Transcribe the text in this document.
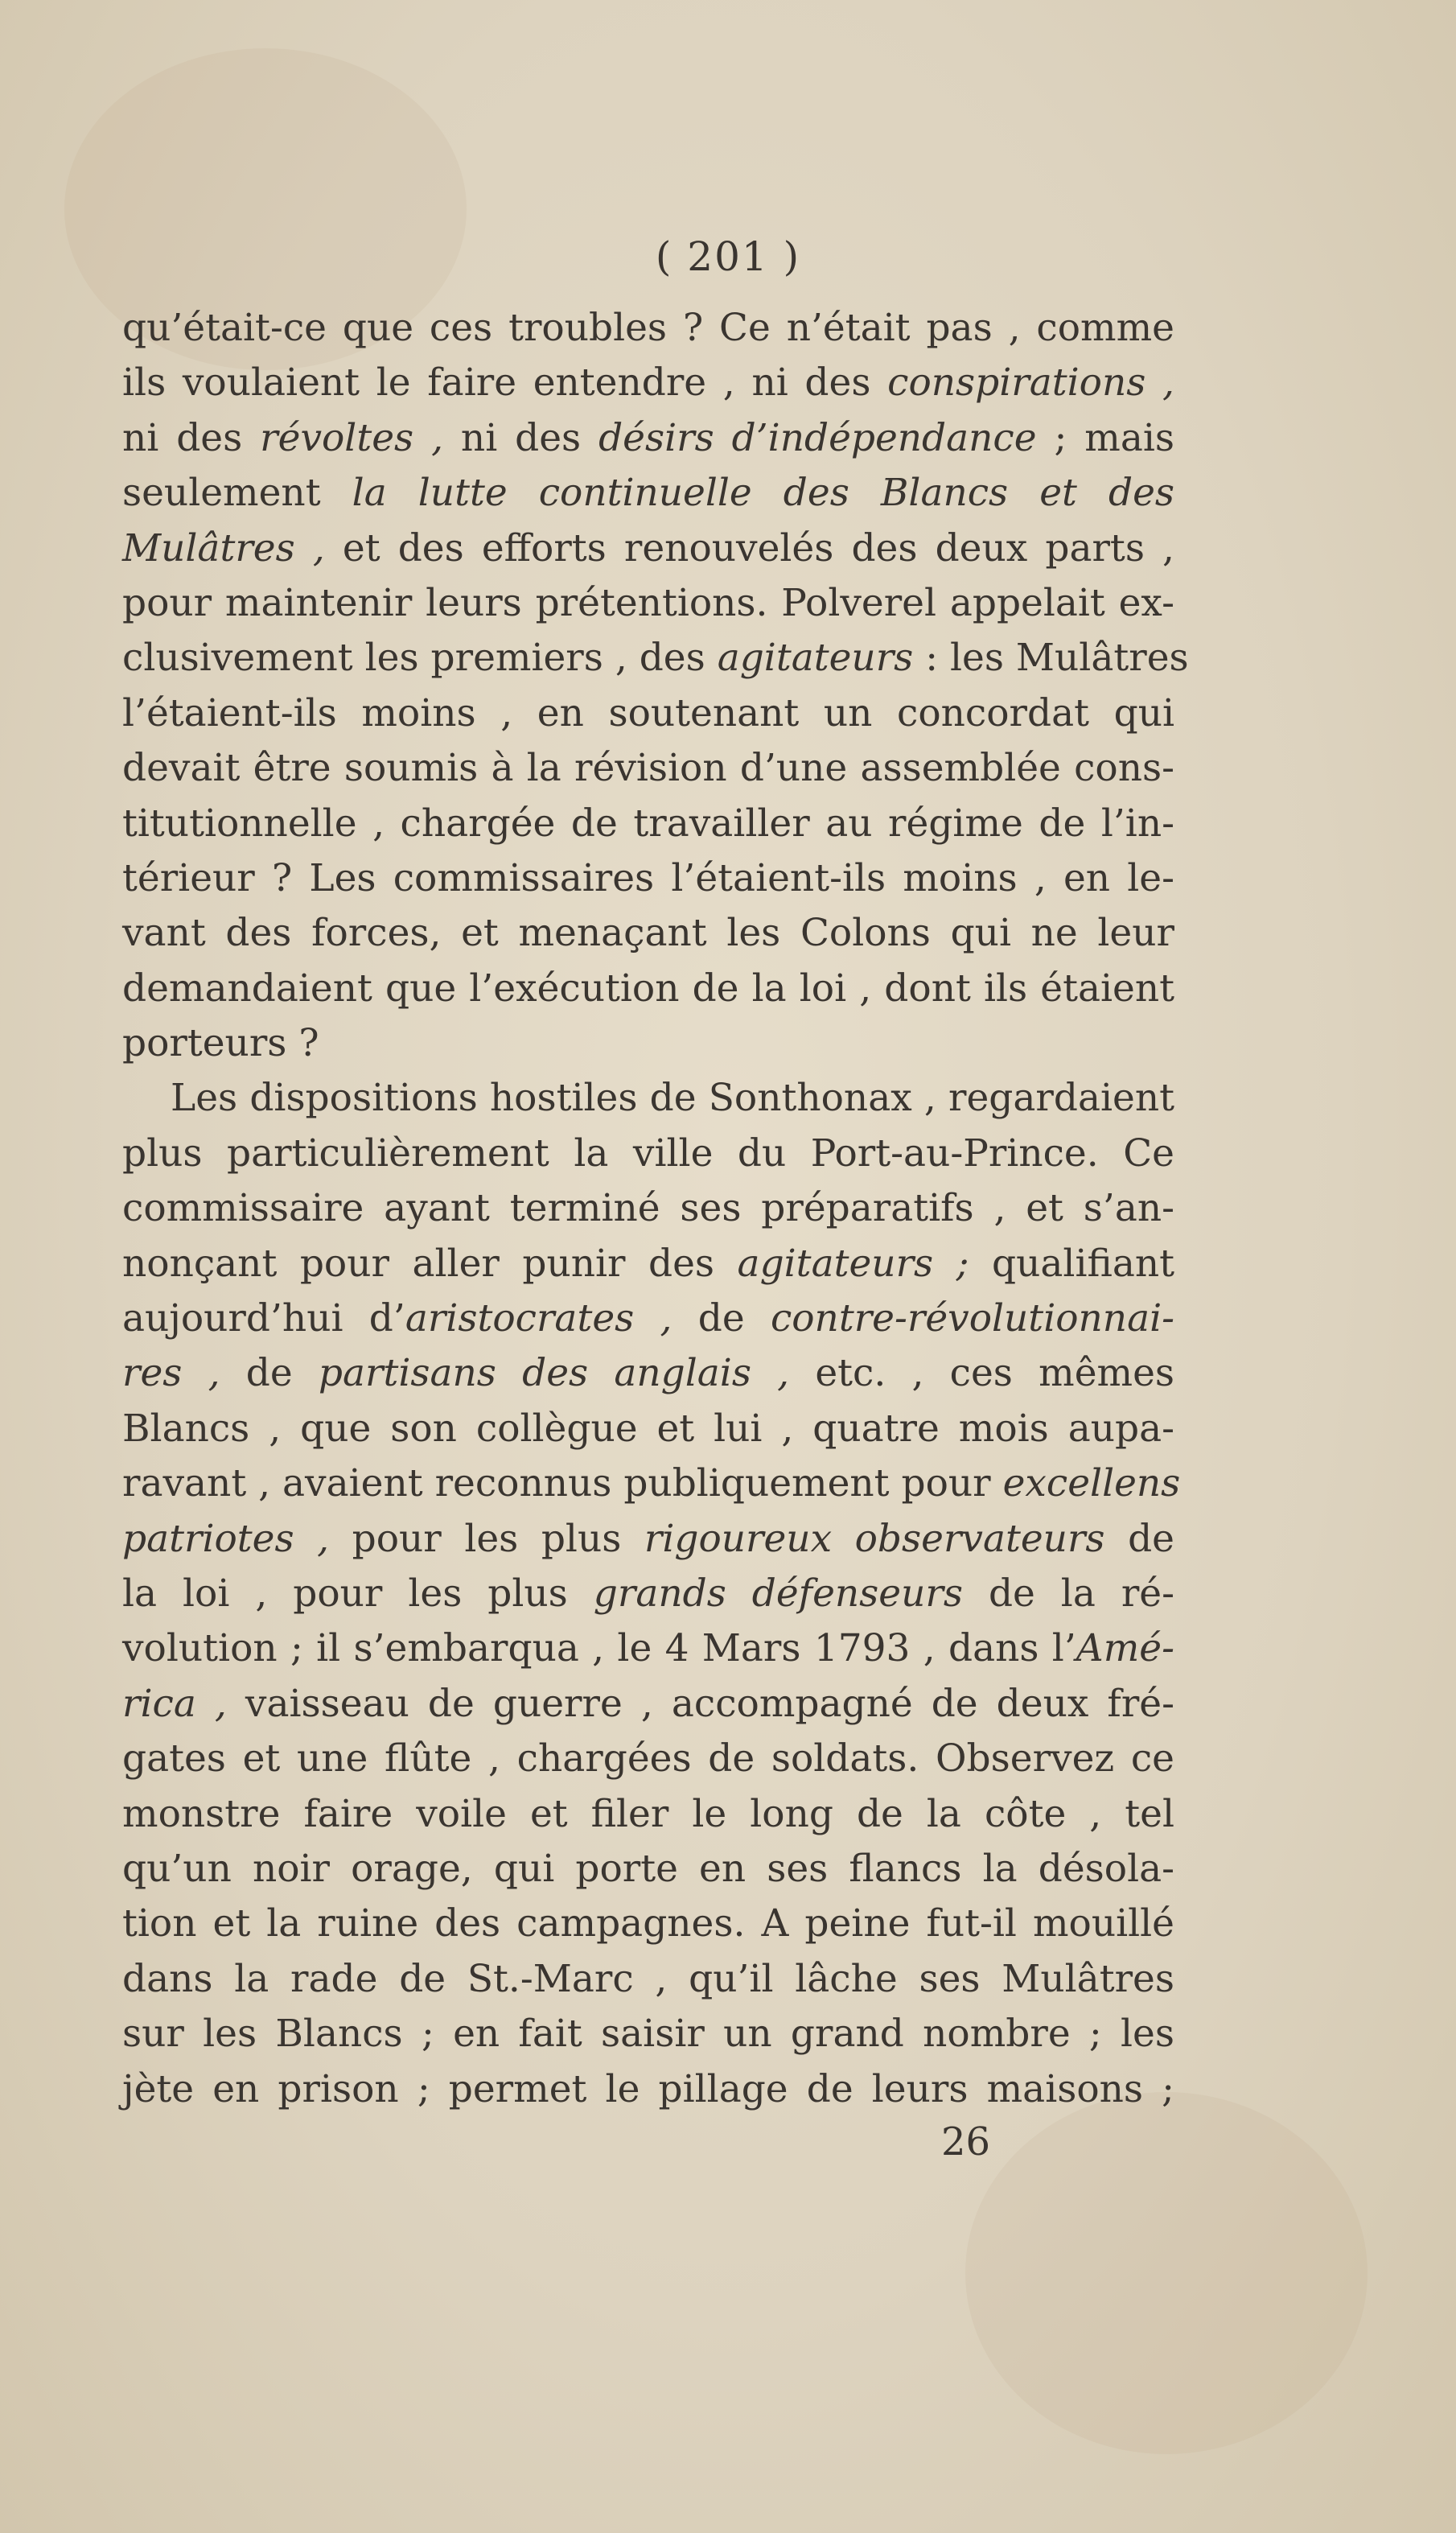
( 201 )
qu’était-ce que ces troubles ? Ce n’était pas , comme
ils voulaient le faire entendre , ni des conspirations ,
ni des révoltes , ni des désirs d’indépendance ; mais
seulement la lutte continuelle des Blancs et des
Mulâtres , et des efforts renouvelés des deux parts ,
pour maintenir leurs prétentions. Polverel appelait ex-
clusivement les premiers , des agitateurs : les Mulâtres
l’étaient-ils moins , en soutenant un concordat qui
devait être soumis à la révision d’une assemblée cons-
titutionnelle , chargée de travailler au régime de l’in-
térieur ? Les commissaires l’étaient-ils moins , en le-
vant des forces, et menaçant les Colons qui ne leur
demandaient que l’exécution de la loi , dont ils étaient
porteurs ?
Les dispositions hostiles de Sonthonax , regardaient
plus particulièrement la ville du Port-au-Prince. Ce
commissaire ayant terminé ses préparatifs , et s’an-
nonçant pour aller punir des agitateurs ; qualifiant
aujourd’hui d’aristocrates , de contre-révolutionnai-
res , de partisans des anglais , etc. , ces mêmes
Blancs , que son collègue et lui , quatre mois aupa-
ravant , avaient reconnus publiquement pour excellens
patriotes , pour les plus rigoureux observateurs de
la loi , pour les plus grands défenseurs de la ré-
volution ; il s’embarqua , le 4 Mars 1793 , dans l’Amé-
rica , vaisseau de guerre , accompagné de deux fré-
gates et une flûte , chargées de soldats. Observez ce
monstre faire voile et filer le long de la côte , tel
qu’un noir orage, qui porte en ses flancs la désola-
tion et la ruine des campagnes. A peine fut-il mouillé
dans la rade de St.-Marc , qu’il lâche ses Mulâtres
sur les Blancs ; en fait saisir un grand nombre ; les
jète en prison ; permet le pillage de leurs maisons ;
26
